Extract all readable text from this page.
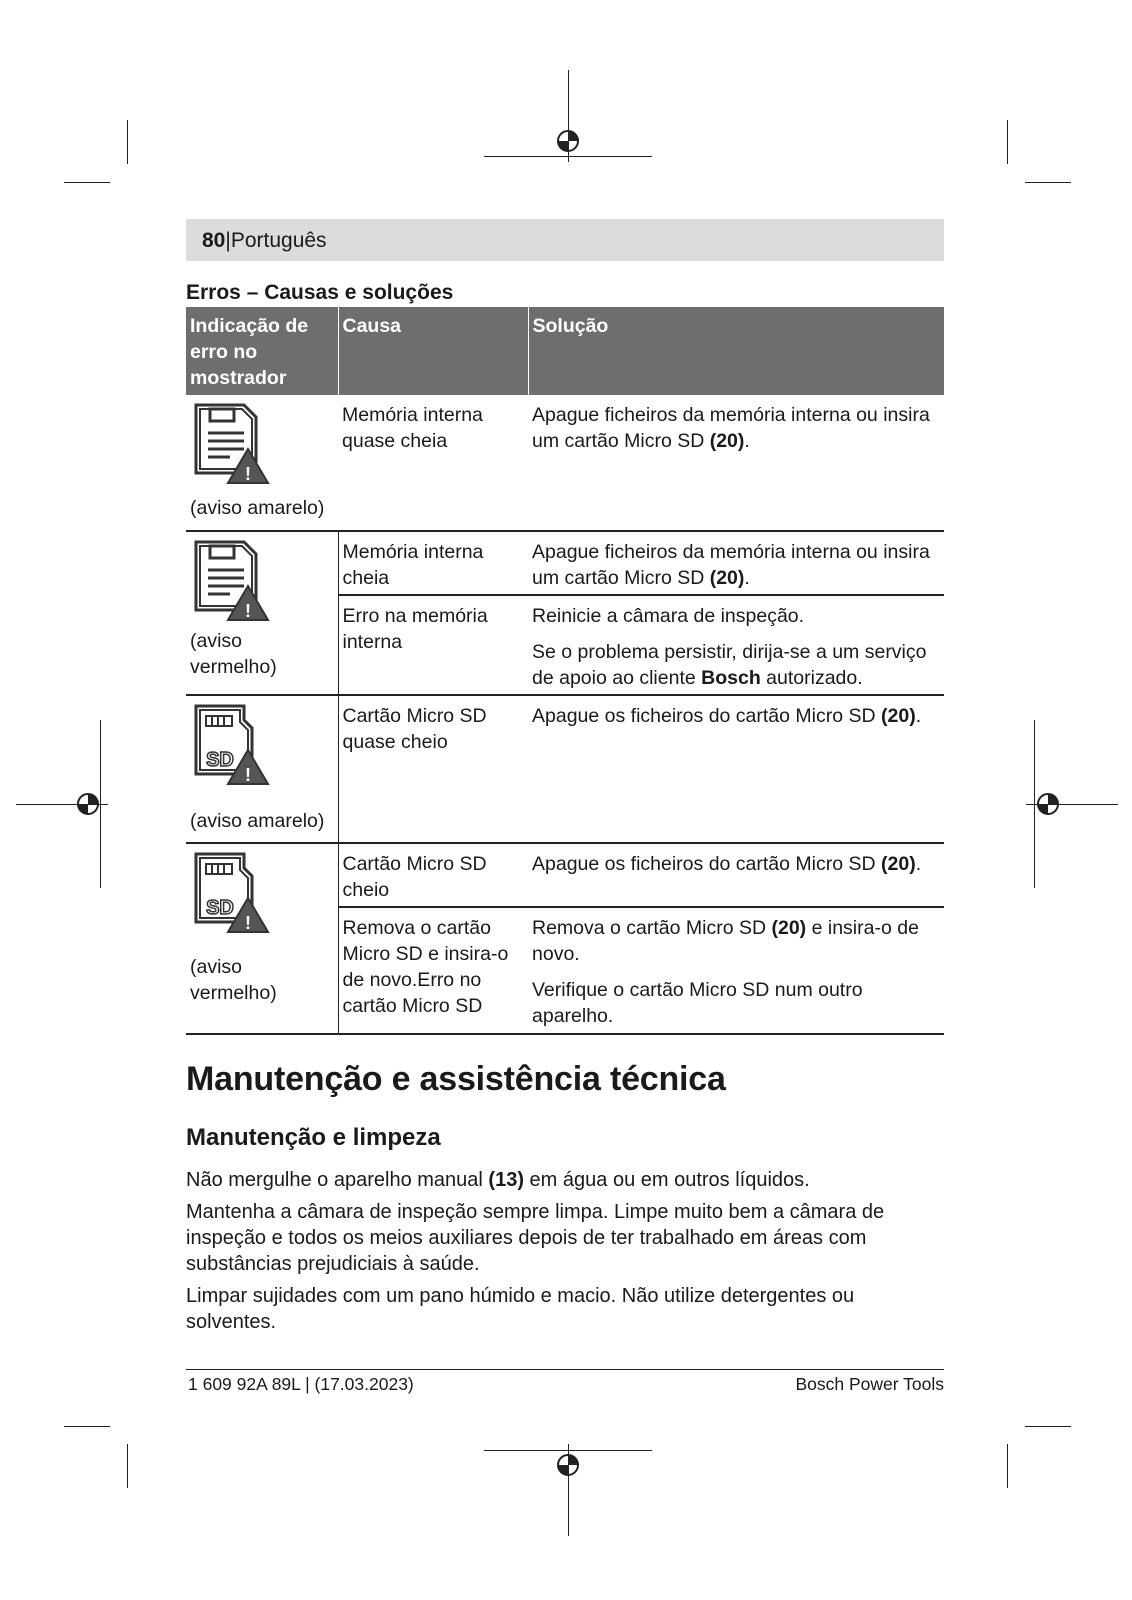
80|Português
Erros – Causas e soluções
Indicação de erro no mostrador	Causa	Solução

!
(aviso amarelo)	Memória interna quase cheia	Apague ficheiros da memória interna ou insira um cartão Micro SD (20).

!
(aviso vermelho)	Memória interna cheia	Apague ficheiros da memória interna ou insira um cartão Micro SD (20).
	Erro na memória interna	Reinicie a câmara de inspeção.
		Se o problema persistir, dirija-se a um serviço de apoio ao cliente Bosch autorizado.

SD
!
(aviso amarelo)	Cartão Micro SD quase cheio	Apague os ficheiros do cartão Micro SD (20).

SD
!
(aviso vermelho)	Cartão Micro SD cheio	Apague os ficheiros do cartão Micro SD (20).
	Remova o cartão Micro SD e insira-o de novo.Erro no cartão Micro SD	Remova o cartão Micro SD (20) e insira-o de novo.
		Verifique o cartão Micro SD num outro aparelho.
Manutenção e assistência técnica
Manutenção e limpeza
Não mergulhe o aparelho manual (13) em água ou em outros líquidos.
Mantenha a câmara de inspeção sempre limpa. Limpe muito bem a câmara de inspeção e todos os meios auxiliares depois de ter trabalhado em áreas com substâncias prejudiciais à saúde.
Limpar sujidades com um pano húmido e macio. Não utilize detergentes ou solventes.
1 609 92A 89L | (17.03.2023)	Bosch Power Tools
